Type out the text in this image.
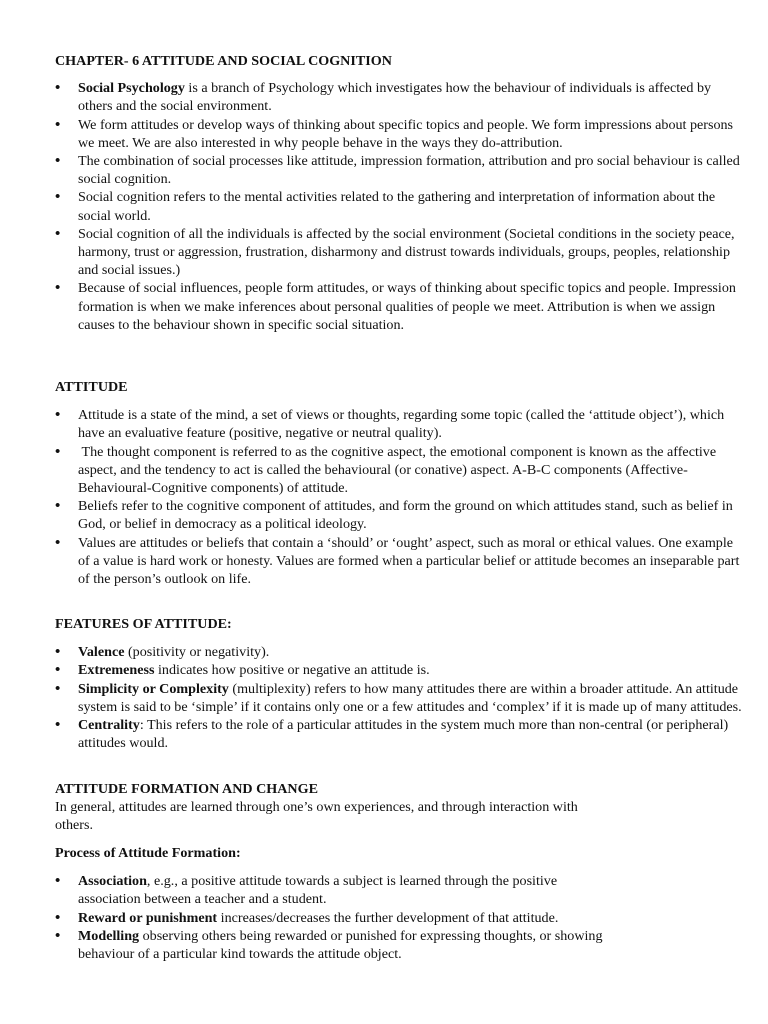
CHAPTER- 6 ATTITUDE AND SOCIAL COGNITION

• Social Psychology is a branch of Psychology which investigates how the behaviour of individuals is affected by others and the social environment.
• We form attitudes or develop ways of thinking about specific topics and people. We form impressions about persons we meet. We are also interested in why people behave in the ways they do-attribution.
• The combination of social processes like attitude, impression formation, attribution and pro social behaviour is called social cognition.
• Social cognition refers to the mental activities related to the gathering and interpretation of information about the social world.
• Social cognition of all the individuals is affected by the social environment (Societal conditions in the society peace, harmony, trust or aggression, frustration, disharmony and distrust towards individuals, groups, peoples, relationship and social issues.)
• Because of social influences, people form attitudes, or ways of thinking about specific topics and people. Impression formation is when we make inferences about personal qualities of people we meet. Attribution is when we assign causes to the behaviour shown in specific social situation.

ATTITUDE

• Attitude is a state of the mind, a set of views or thoughts, regarding some topic (called the ‘attitude object’), which have an evaluative feature (positive, negative or neutral quality).
•  The thought component is referred to as the cognitive aspect, the emotional component is known as the affective aspect, and the tendency to act is called the behavioural (or conative) aspect. A-B-C components (Affective-Behavioural-Cognitive components) of attitude.
• Beliefs refer to the cognitive component of attitudes, and form the ground on which attitudes stand, such as belief in God, or belief in democracy as a political ideology.
• Values are attitudes or beliefs that contain a ‘should’ or ‘ought’ aspect, such as moral or ethical values. One example of a value is hard work or honesty. Values are formed when a particular belief or attitude becomes an inseparable part of the person’s outlook on life.

FEATURES OF ATTITUDE:

• Valence (positivity or negativity).
• Extremeness indicates how positive or negative an attitude is.
• Simplicity or Complexity (multiplexity) refers to how many attitudes there are within a broader attitude. An attitude system is said to be ‘simple’ if it contains only one or a few attitudes and ‘complex’ if it is made up of many attitudes.
• Centrality: This refers to the role of a particular attitudes in the system much more than non-central (or peripheral) attitudes would.

ATTITUDE FORMATION AND CHANGE

In general, attitudes are learned through one’s own experiences, and through interaction with others.

Process of Attitude Formation:

• Association, e.g., a positive attitude towards a subject is learned through the positive association between a teacher and a student.
• Reward or punishment increases/decreases the further development of that attitude.
• Modelling observing others being rewarded or punished for expressing thoughts, or showing behaviour of a particular kind towards the attitude object.
